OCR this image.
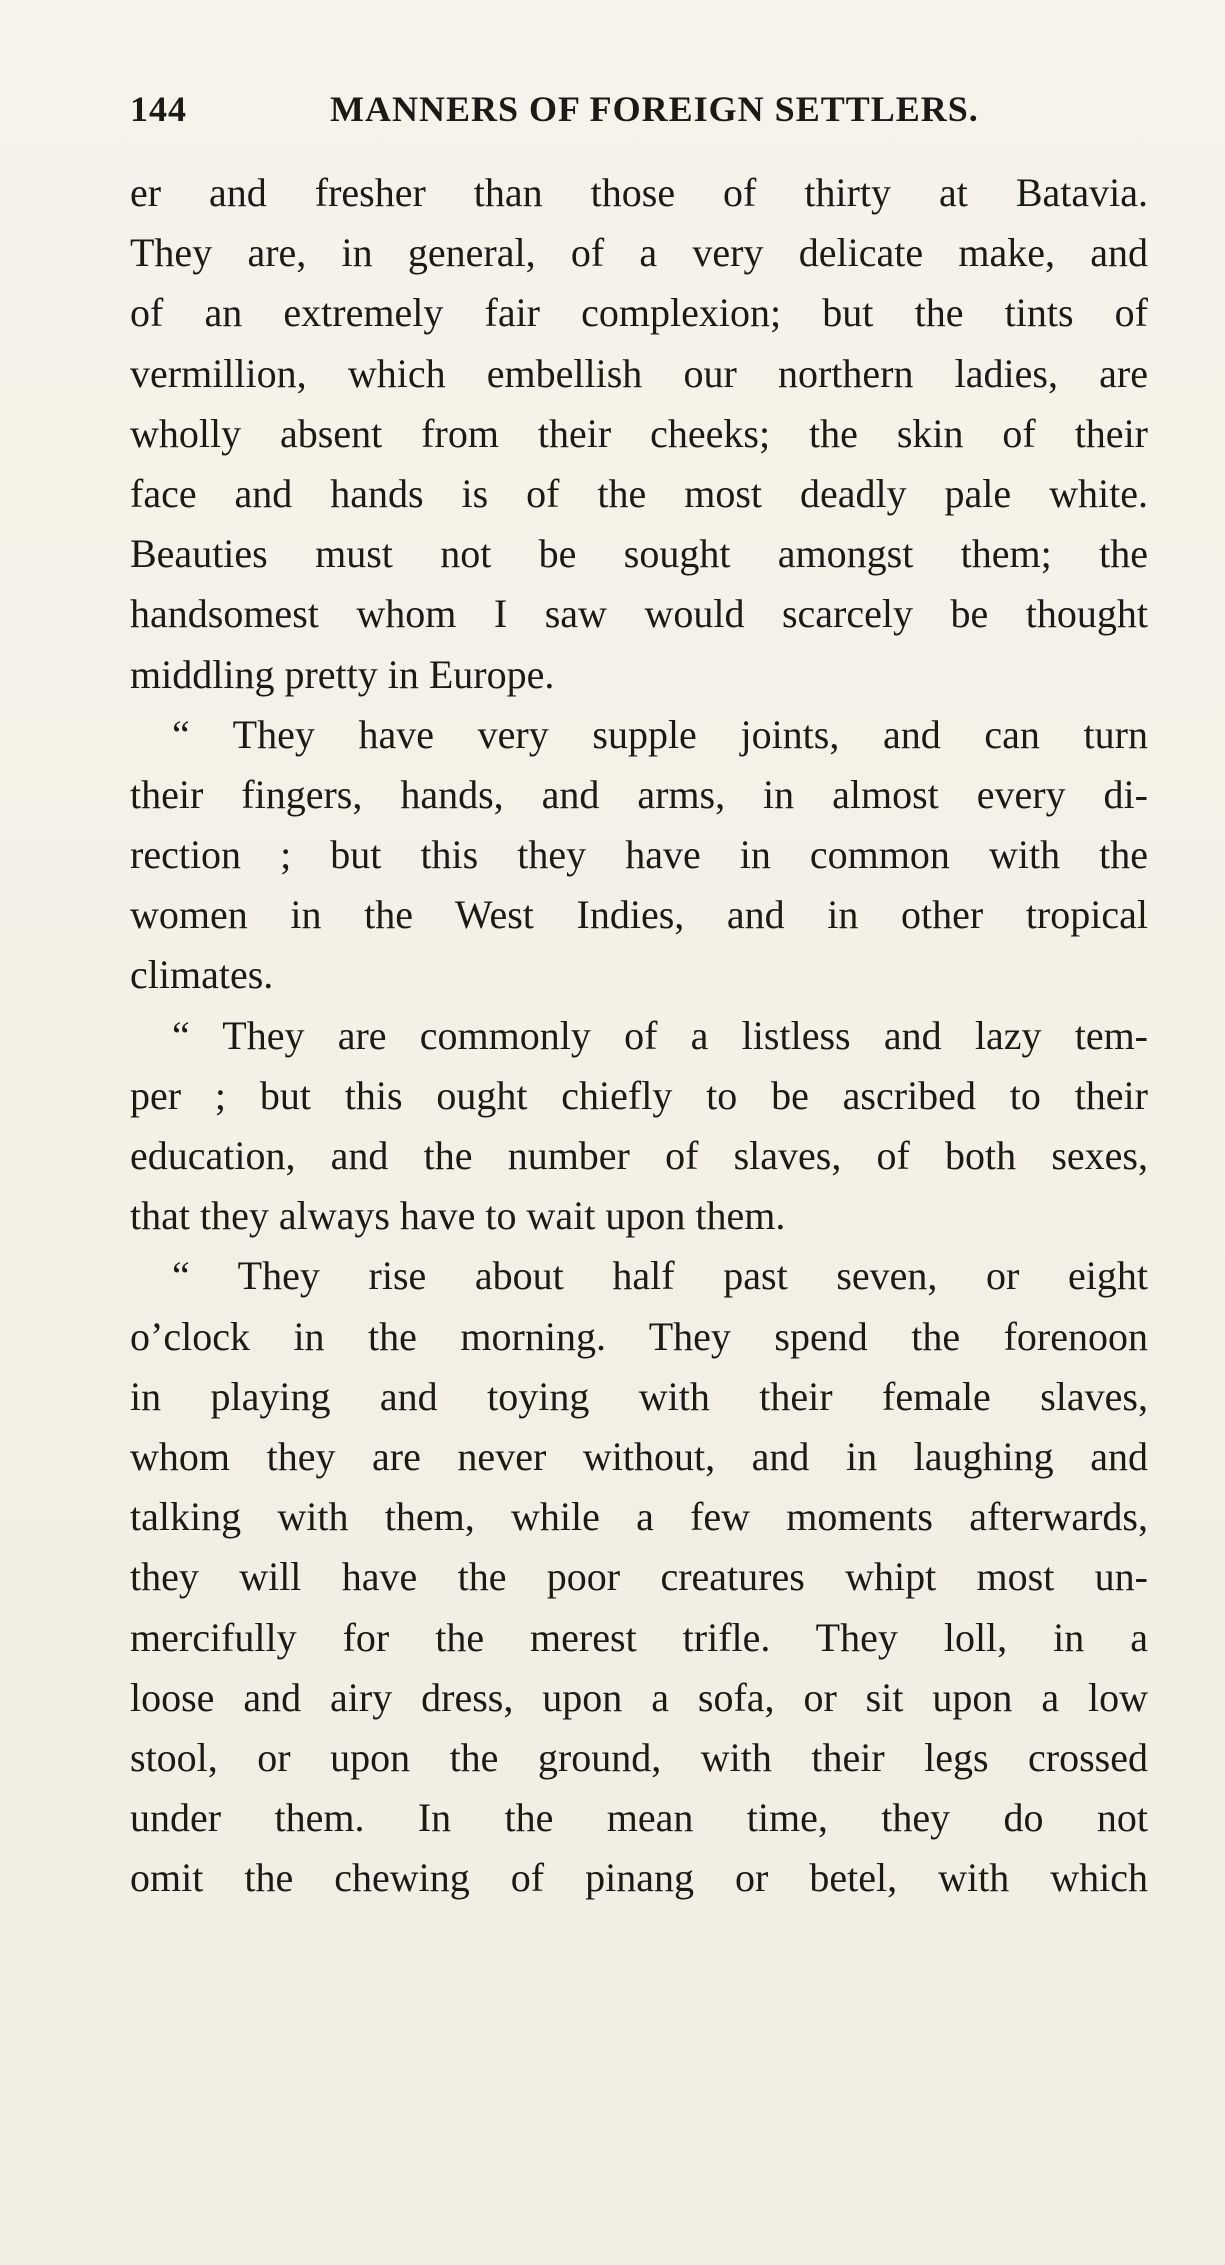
144	MANNERS OF FOREIGN SETTLERS.
er and fresher than those of thirty at Batavia.
They are, in general, of a very delicate make, and
of an extremely fair complexion; but the tints of
vermillion, which embellish our northern ladies, are
wholly absent from their cheeks; the skin of their
face and hands is of the most deadly pale white.
Beauties must not be sought amongst them; the
handsomest whom I saw would scarcely be thought
middling pretty in Europe.
“ They have very supple joints, and can turn
their fingers, hands, and arms, in almost every di-
rection ; but this they have in common with the
women in the West Indies, and in other tropical
climates.
“ They are commonly of a listless and lazy tem-
per ; but this ought chiefly to be ascribed to their
education, and the number of slaves, of both sexes,
that they always have to wait upon them.
“ They rise about half past seven, or eight
o’clock in the morning. They spend the forenoon
in playing and toying with their female slaves,
whom they are never without, and in laughing and
talking with them, while a few moments afterwards,
they will have the poor creatures whipt most un-
mercifully for the merest trifle. They loll, in a
loose and airy dress, upon a sofa, or sit upon a low
stool, or upon the ground, with their legs crossed
under them. In the mean time, they do not
omit the chewing of pinang or betel, with which
